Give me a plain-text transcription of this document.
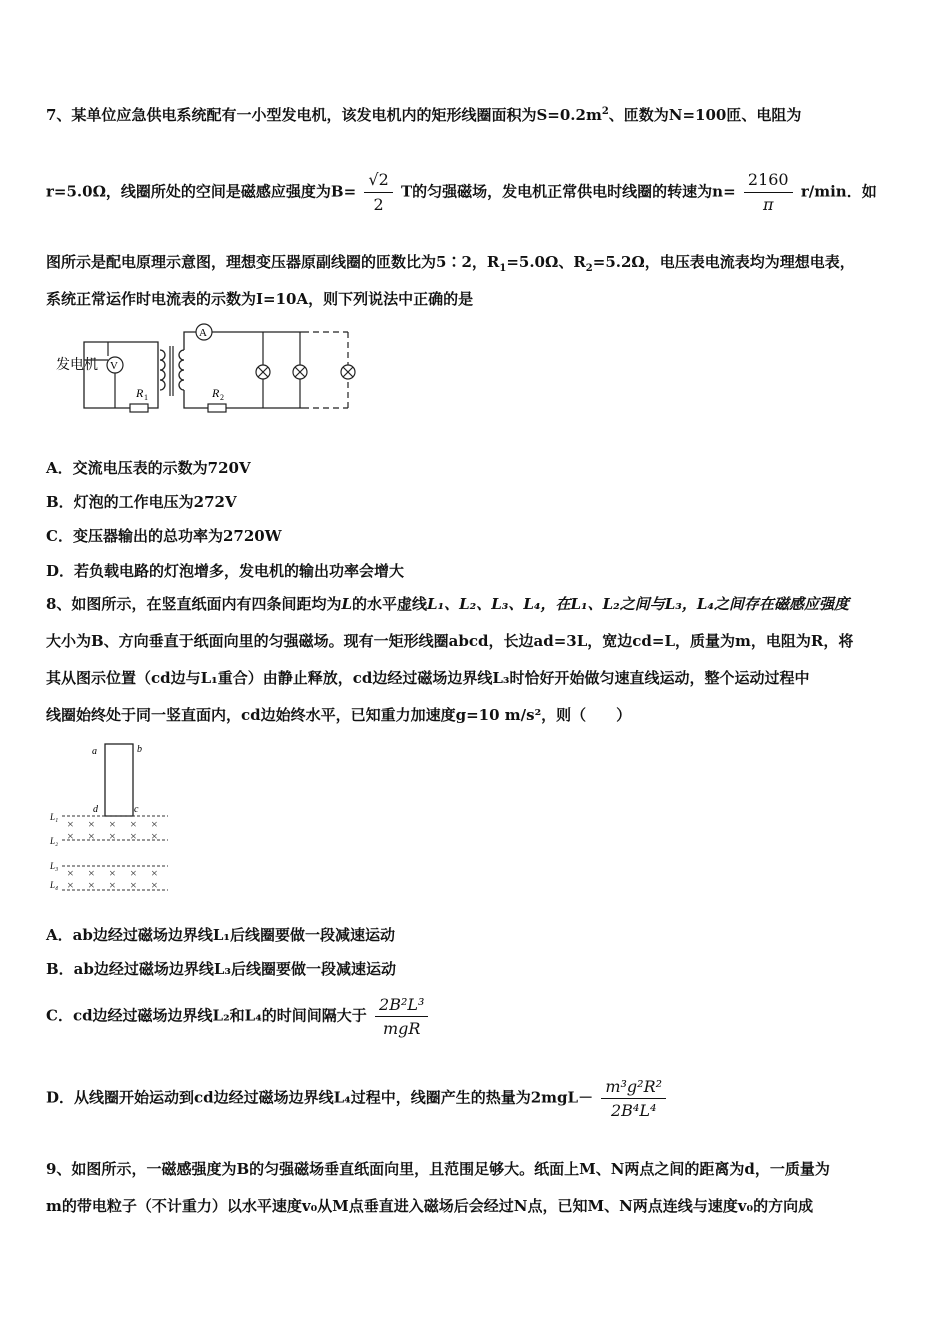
7、某单位应急供电系统配有一小型发电机，该发电机内的矩形线圈面积为$S=0.2m^2$、匝数为N=100匝、电阻为
r=5.0Ω，线圈所处的空间是磁感应强度为$B= \frac{√2}{2}$ T的匀强磁场，发电机正常供电时线圈的转速为$n= \frac{2160}{\pi} r/\min$．如
图所示是配电原理示意图，理想变压器原副线圈的匝数比为5∶2，$R_1=5.0\Omega$、$R_2=5.2\Omega$，电压表电流表均为理想电表，
系统正常运作时电流表的示数为I=10A，则下列说法中正确的是
发电机
R 1
V
A
R 2
A．交流电压表的示数为720V
B．灯泡的工作电压为272V
C．变压器输出的总功率为2720W
D．若负载电路的灯泡增多，发电机的输出功率会增大
8、如图所示，在竖直纸面内有四条间距均为L的水平虚线L₁、L₂、L₃、L₄，在L₁、L₂之间与L₃，L₄之间存在磁感应强度
大小为B、方向垂直于纸面向里的匀强磁场。现有一矩形线圈abcd，长边ad=3L，宽边cd=L，质量为m，电阻为R，将
其从图示位置（cd边与L₁重合）由静止释放，cd边经过磁场边界线L₃时恰好开始做匀速直线运动，整个运动过程中
线圈始终处于同一竖直面内，cd边始终水平，已知重力加速度g=10 m/s²，则（　　）
a	b
d	c
L₁
L₂
L₃
L₄
× × × × ×
× × × × ×
× × × × ×
× × × × ×
A．ab边经过磁场边界线L₁后线圈要做一段减速运动
B．ab边经过磁场边界线L₃后线圈要做一段减速运动
C．cd边经过磁场边界线L₂和L₄的时间间隔大于 $\frac{\text{2B²L³}}{\text{mgR}}$
D．从线圈开始运动到cd边经过磁场边界线L₄过程中，线圈产生的热量为$2mgL- \frac{\text{m³g²R²}}{\text{2B⁴L⁴}}$
9、如图所示，一磁感强度为B的匀强磁场垂直纸面向里，且范围足够大。纸面上M、N两点之间的距离为d，一质量为
m的带电粒子（不计重力）以水平速度v₀从M点垂直进入磁场后会经过N点，已知M、N两点连线与速度v₀的方向成
